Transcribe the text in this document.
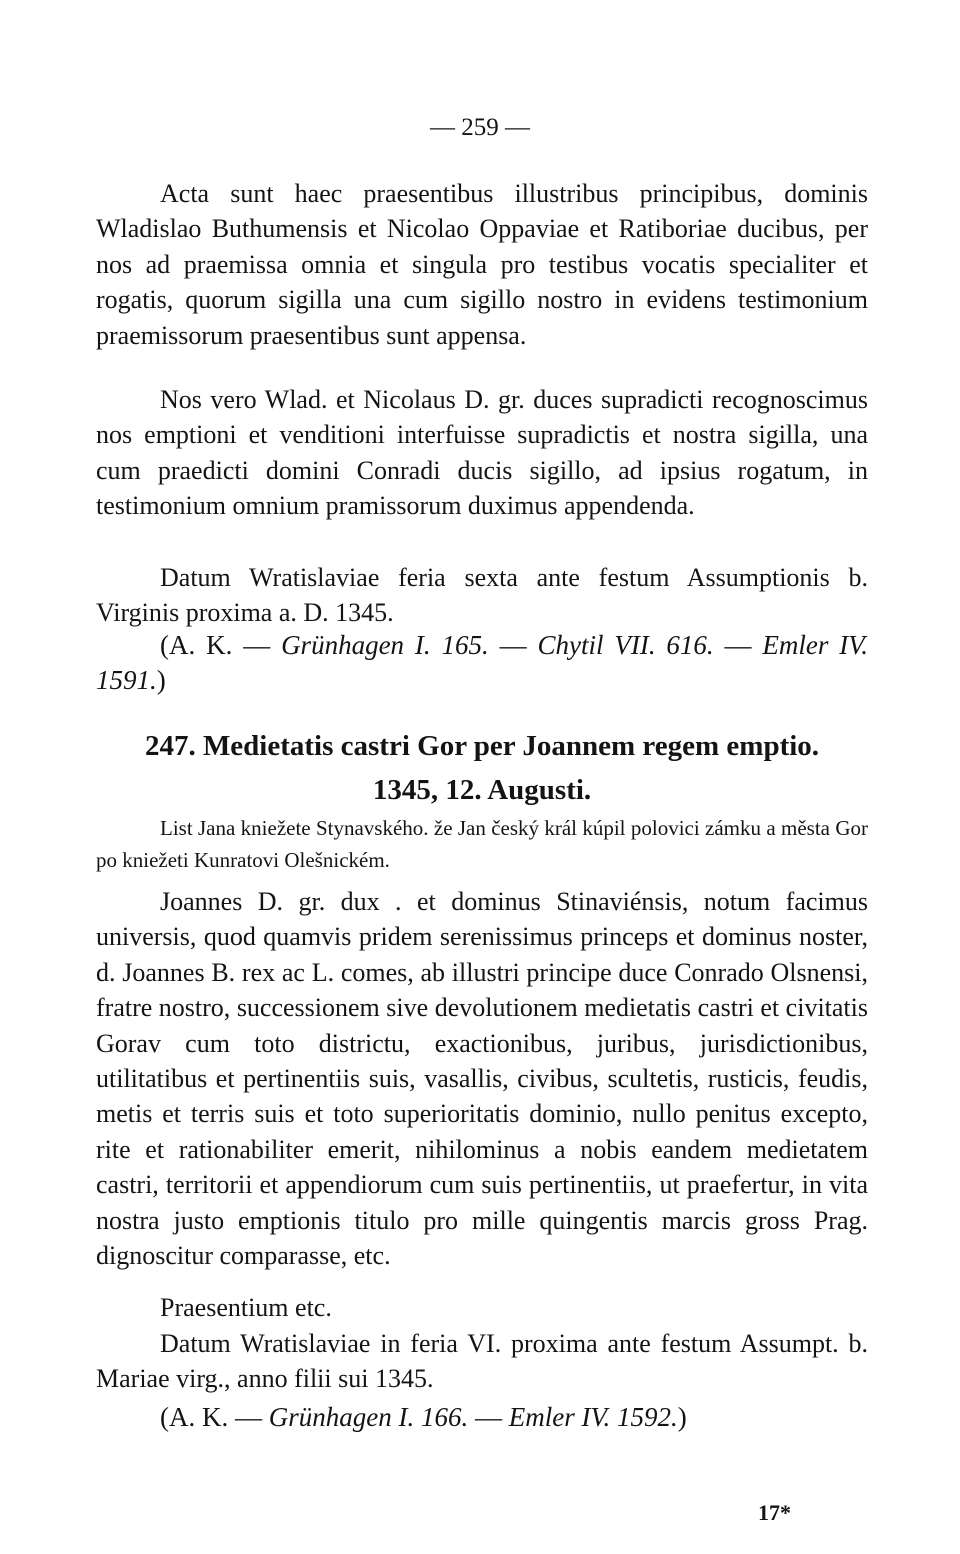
— 259 —

Acta sunt haec praesentibus illustribus principibus, dominis Wladislao Buthumensis et Nicolao Oppaviae et Ratiboriae ducibus, per nos ad praemissa omnia et singula pro testibus vocatis specialiter et rogatis, quorum sigilla una cum sigillo nostro in evidens testimonium praemissorum praesentibus sunt appensa.

Nos vero Wlad. et Nicolaus D. gr. duces supradicti recognoscimus nos emptioni et venditioni interfuisse supradictis et nostra sigilla, una cum praedicti domini Conradi ducis sigillo, ad ipsius rogatum, in testimonium omnium pramissorum duximus appendenda.

Datum Wratislaviae feria sexta ante festum Assumptionis b. Virginis proxima a. D. 1345.

(A. K. — Grünhagen I. 165. — Chytil VII. 616. — Emler IV. 1591.)

247. Medietatis castri Gor per Joannem regem emptio.
1345, 12. Augusti.

List Jana kniežete Stynavského. že Jan český král kúpil polovici zámku a města Gor po kniežeti Kunratovi Olešnickém.

Joannes D. gr. dux . et dominus Stinaviénsis, notum facimus universis, quod quamvis pridem serenissimus princeps et dominus noster, d. Joannes B. rex ac L. comes, ab illustri principe duce Conrado Olsnensi, fratre nostro, successionem sive devolutionem medietatis castri et civitatis Gorav cum toto districtu, exactionibus, juribus, jurisdictionibus, utilitatibus et pertinentiis suis, vasallis, civibus, scultetis, rusticis, feudis, metis et terris suis et toto superioritatis dominio, nullo penitus excepto, rite et rationabiliter emerit, nihilominus a nobis eandem medietatem castri, territorii et appendiorum cum suis pertinentiis, ut praefertur, in vita nostra justo emptionis titulo pro mille quingentis marcis gross Prag. dignoscitur comparasse, etc.

Praesentium etc.

Datum Wratislaviae in feria VI. proxima ante festum Assumpt. b. Mariae virg., anno filii sui 1345.

(A. K. — Grünhagen I. 166. — Emler IV. 1592.)

17*
